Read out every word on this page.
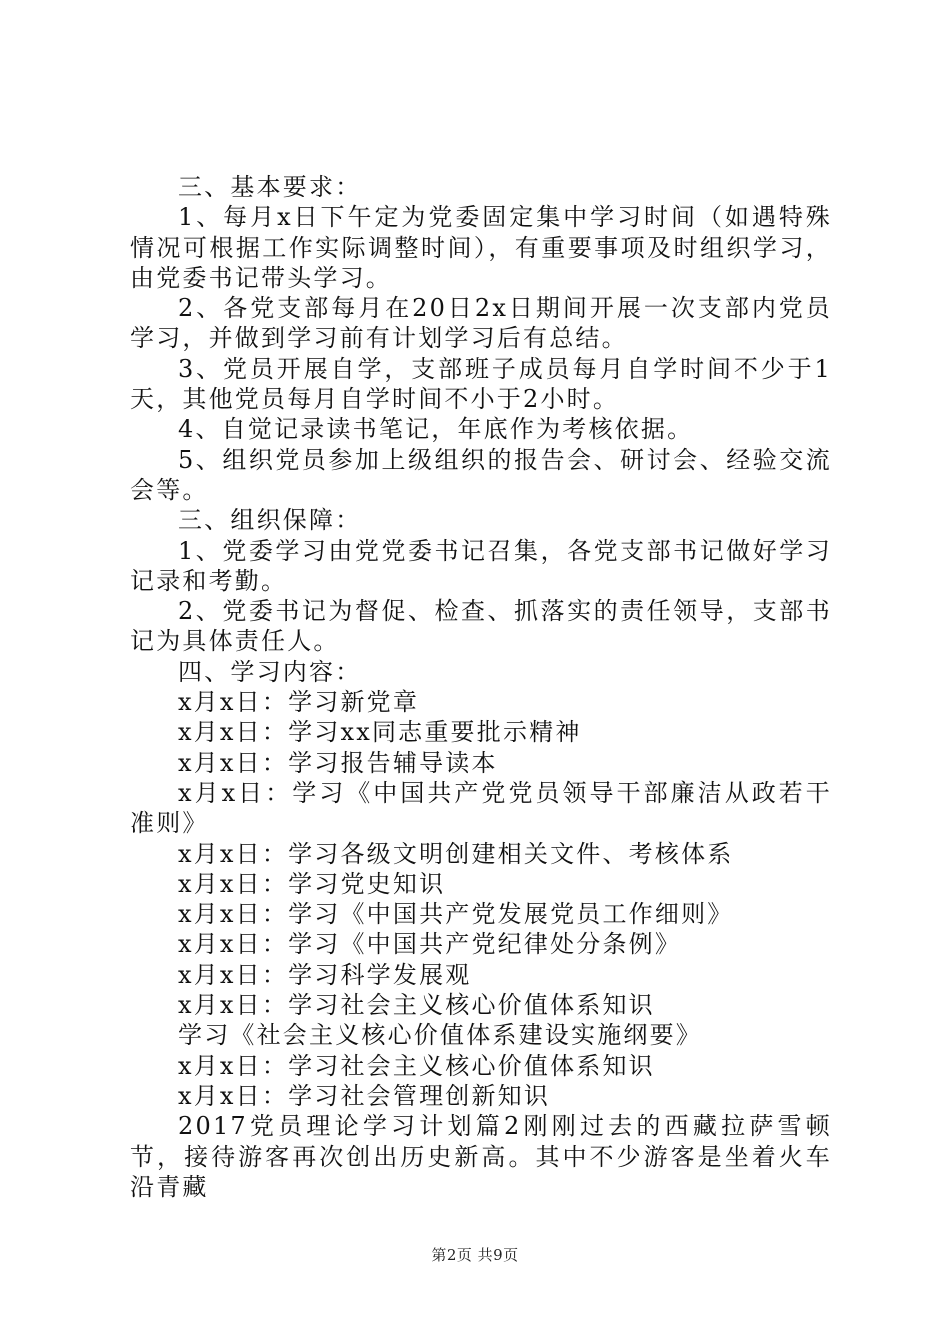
三、基本要求：

1、每月x日下午定为党委固定集中学习时间（如遇特殊情况可根据工作实际调整时间），有重要事项及时组织学习，由党委书记带头学习。

2、各党支部每月在20日2x日期间开展一次支部内党员学习，并做到学习前有计划学习后有总结。

3、党员开展自学，支部班子成员每月自学时间不少于1天，其他党员每月自学时间不小于2小时。

4、自觉记录读书笔记，年底作为考核依据。

5、组织党员参加上级组织的报告会、研讨会、经验交流会等。

三、组织保障：

1、党委学习由党党委书记召集，各党支部书记做好学习记录和考勤。

2、党委书记为督促、检查、抓落实的责任领导，支部书记为具体责任人。

四、学习内容：

x月x日：学习新党章

x月x日：学习xx同志重要批示精神

x月x日：学习报告辅导读本

x月x日：学习《中国共产党党员领导干部廉洁从政若干准则》

x月x日：学习各级文明创建相关文件、考核体系

x月x日：学习党史知识

x月x日：学习《中国共产党发展党员工作细则》

x月x日：学习《中国共产党纪律处分条例》

x月x日：学习科学发展观

x月x日：学习社会主义核心价值体系知识

学习《社会主义核心价值体系建设实施纲要》

x月x日：学习社会主义核心价值体系知识

x月x日：学习社会管理创新知识

2017党员理论学习计划篇2刚刚过去的西藏拉萨雪顿节，接待游客再次创出历史新高。其中不少游客是坐着火车沿青藏

第2页 共9页
